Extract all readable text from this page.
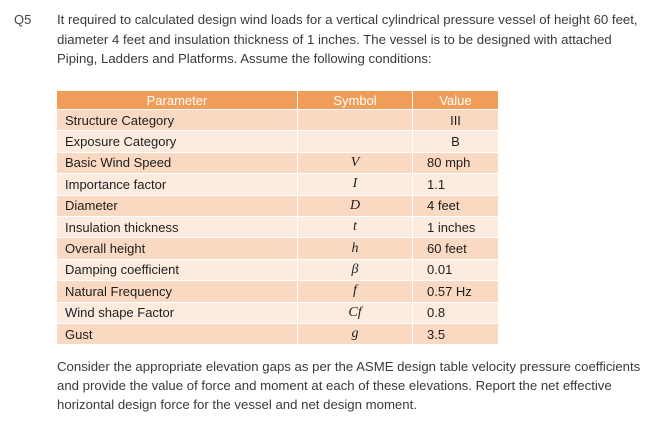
Q5 It required to calculated design wind loads for a vertical cylindrical pressure vessel of height 60 feet, diameter 4 feet and insulation thickness of 1 inches. The vessel is to be designed with attached Piping, Ladders and Platforms. Assume the following conditions:
Parameter	Symbol	Value
Structure Category		III
Exposure Category		B
Basic Wind Speed	V	80 mph
Importance factor	I	1.1
Diameter	D	4 feet
Insulation thickness	t	1 inches
Overall height	h	60 feet
Damping coefficient	β	0.01
Natural Frequency	f	0.57 Hz
Wind shape Factor	Cf	0.8
Gust	g	3.5
Consider the appropriate elevation gaps as per the ASME design table velocity pressure coefficients and provide the value of force and moment at each of these elevations. Report the net effective horizontal design force for the vessel and net design moment.
